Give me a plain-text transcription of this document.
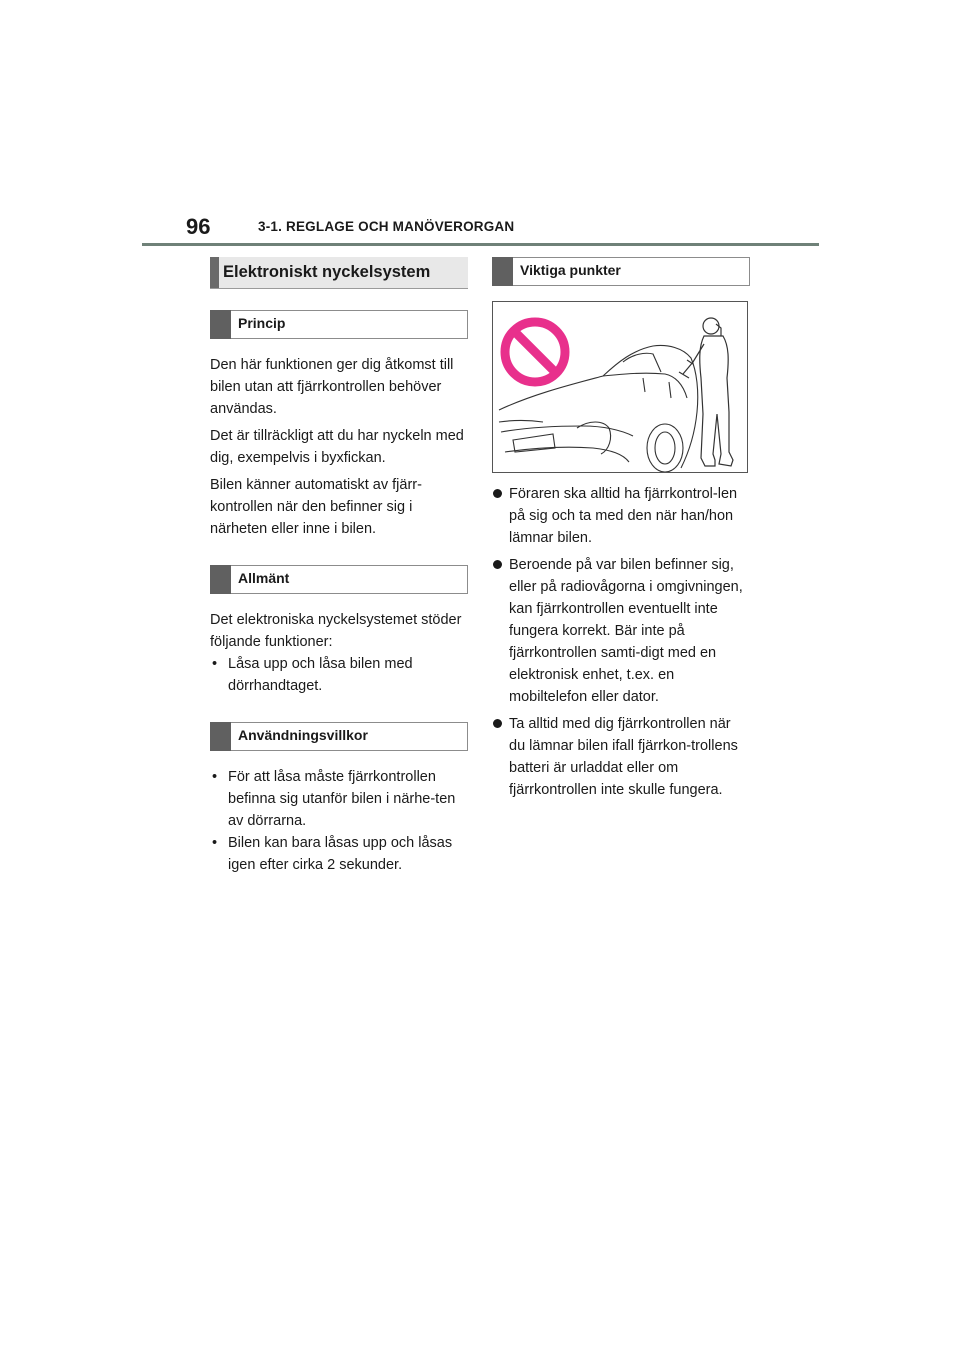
96	3-1. REGLAGE OCH MANÖVERORGAN
Elektroniskt nyckelsystem
Princip

Den här funktionen ger dig åtkomst till bilen utan att fjärrkontrollen behöver användas.

Det är tillräckligt att du har nyckeln med dig, exempelvis i byxfickan.

Bilen känner automatiskt av fjärr-kontrollen när den befinner sig i närheten eller inne i bilen.

Allmänt

Det elektroniska nyckelsystemet stöder följande funktioner:

• Låsa upp och låsa bilen med dörrhandtaget.
Användningsvillkor
• För att låsa måste fjärrkontrollen befinna sig utanför bilen i närhe-ten av dörrarna.
• Bilen kan bara låsas upp och låsas igen efter cirka 2 sekunder.
Viktiga punkter
Föraren ska alltid ha fjärrkontrol-len på sig och ta med den när han/hon lämnar bilen.
Beroende på var bilen befinner sig, eller på radiovågorna i omgivningen, kan fjärrkontrollen eventuellt inte fungera korrekt. Bär inte på fjärrkontrollen samti-digt med en elektronisk enhet, t.ex. en mobiltelefon eller dator.
Ta alltid med dig fjärrkontrollen när du lämnar bilen ifall fjärrkon-trollens batteri är urladdat eller om fjärrkontrollen inte skulle fungera.
